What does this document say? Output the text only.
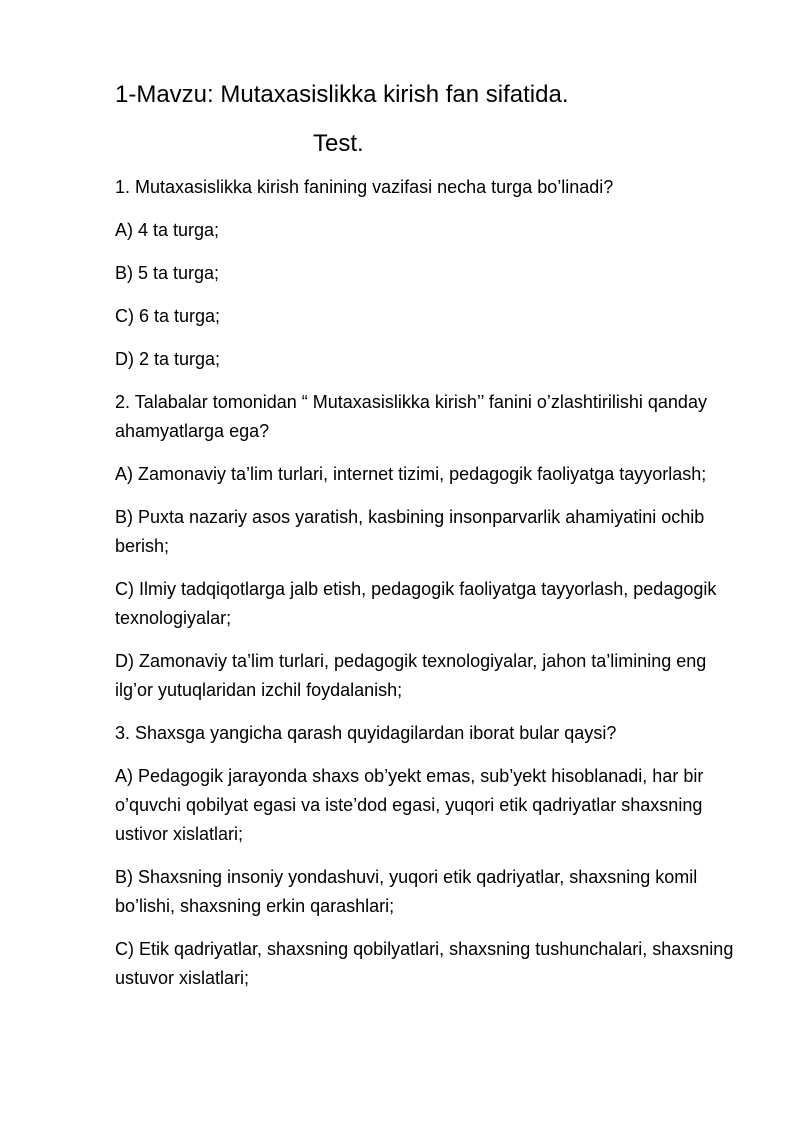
1-Mavzu: Mutaxasislikka kirish fan sifatida.
Test.

1. Mutaxasislikka kirish fanining vazifasi necha turga bo’linadi?

A) 4 ta turga;

B) 5 ta turga;

C) 6 ta turga;

D) 2 ta turga;

2. Talabalar tomonidan “ Mutaxasislikka kirish’’ fanini o’zlashtirilishi qanday ahamyatlarga ega?

A) Zamonaviy ta’lim turlari, internet tizimi, pedagogik faoliyatga tayyorlash;

B) Puxta nazariy asos yaratish, kasbining insonparvarlik ahamiyatini ochib berish;

C) Ilmiy tadqiqotlarga jalb etish, pedagogik faoliyatga tayyorlash, pedagogik texnologiyalar;

D) Zamonaviy ta’lim turlari, pedagogik texnologiyalar, jahon ta’limining eng ilg’or yutuqlaridan izchil foydalanish;

3. Shaxsga yangicha qarash quyidagilardan iborat bular qaysi?

A) Pedagogik jarayonda shaxs ob’yekt emas, sub’yekt hisoblanadi, har bir o’quvchi qobilyat egasi va iste’dod egasi, yuqori etik qadriyatlar shaxsning ustivor xislatlari;

B) Shaxsning insoniy yondashuvi, yuqori etik qadriyatlar, shaxsning komil bo’lishi, shaxsning erkin qarashlari;

C) Etik qadriyatlar, shaxsning qobilyatlari, shaxsning tushunchalari, shaxsning ustuvor xislatlari;
